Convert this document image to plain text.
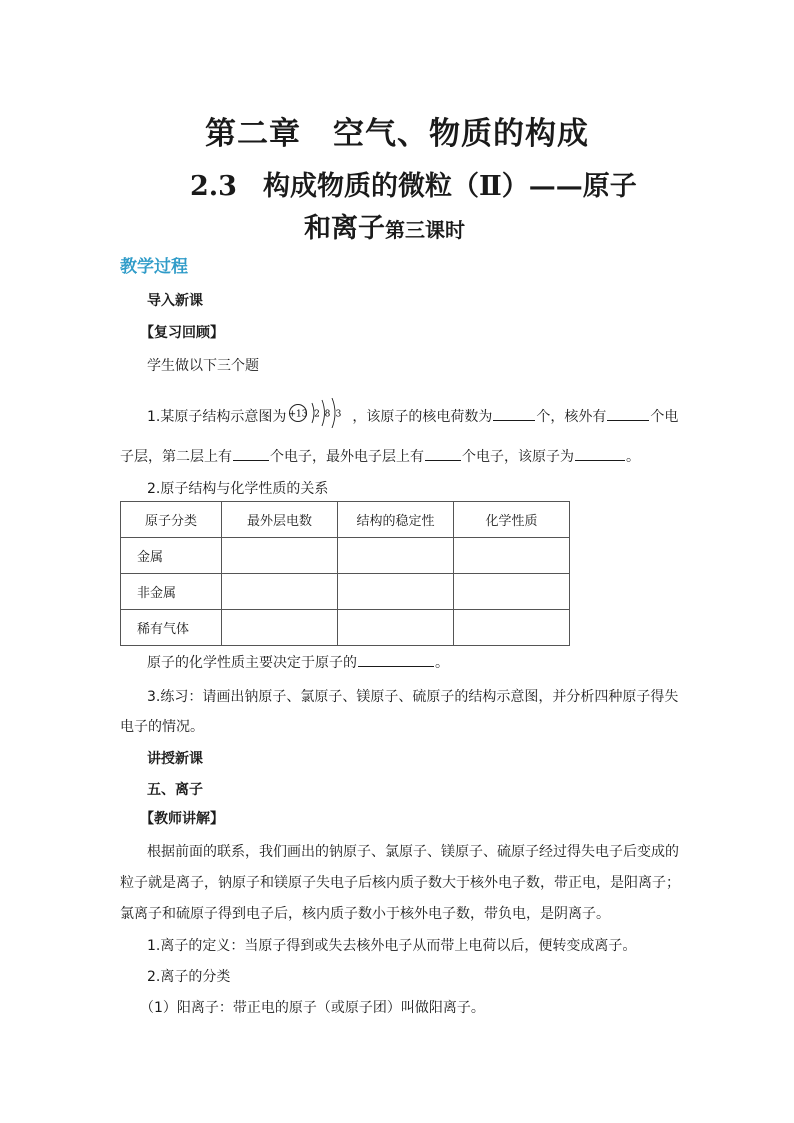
第二章　空气、物质的构成
2.3 构成物质的微粒（Ⅱ）——原子
和离子第三课时
教学过程
导入新课
【复习回顾】
学生做以下三个题
1.某原子结构示意图为 +13 2 8 3 ，该原子的核电荷数为	个，核外有	个电
子层，第二层上有	个电子，最外电子层上有	个电子，该原子为	。
2.原子结构与化学性质的关系
原子分类	最外层电数	结构的稳定性	化学性质
金属			
非金属			
稀有气体			
原子的化学性质主要决定于原子的	。
3.练习：请画出钠原子、氯原子、镁原子、硫原子的结构示意图，并分析四种原子得失
电子的情况。
讲授新课
五、离子
【教师讲解】
根据前面的联系，我们画出的钠原子、氯原子、镁原子、硫原子经过得失电子后变成的
粒子就是离子，钠原子和镁原子失电子后核内质子数大于核外电子数，带正电，是阳离子；
氯离子和硫原子得到电子后，核内质子数小于核外电子数，带负电，是阴离子。
1.离子的定义：当原子得到或失去核外电子从而带上电荷以后，便转变成离子。
2.离子的分类
（1）阳离子：带正电的原子（或原子团）叫做阳离子。
